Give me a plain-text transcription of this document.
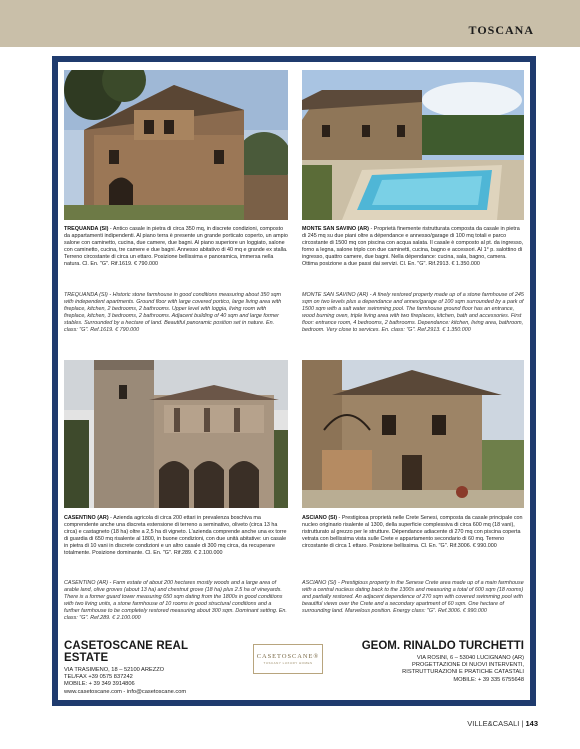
TOSCANA
TREQUANDA (SI) - Antico casale in pietra di circa 350 mq, in discrete condizioni, composto da appartamenti indipendenti. Al piano terra è presente un grande porticato coperto, un ampio salone con caminetto, cucina, due camere, due bagni. Al piano superiore un loggiato, salone con caminetto, cucina, tre camere e due bagni. Annesso abitativo di 40 mq e grande ex stalla. Terreno circostante di circa un ettaro. Posizione bellissima e panoramica, immersa nella natura. Cl. En. "G". Rif.1619. € 790.000
TREQUANDA (SI) - Historic stone farmhouse in good conditions measuring about 350 sqm with independent apartments. Ground floor with large covered portico, large living area with fireplace, kitchen, 2 bedrooms, 2 bathrooms. Upper level with loggia, living room with fireplace, kitchen, 3 bedrooms, 2 bathrooms. Adjacent building of 40 sqm and large former stables. Surrounded by a hectare of land. Beautiful panoramic position set in nature. En. class: "G". Ref.1619. € 790.000
MONTE SAN SAVINO (AR) - Proprietà finemente ristrutturata composta da casale in pietra di 245 mq su due piani oltre a dépendance e annesso/garage di 100 mq totali e parco circostante di 1500 mq con piscina con acqua salata. Il casale è composto al pt. da ingresso, forno a legna, salone triplo con due caminetti, cucina, bagno e accessori. Al 1° p. salottino di ingresso, quattro camere, due bagni. Nella dépendance: cucina, sala, bagno, camera. Ottima posizione a due passi dai servizi. Cl. En. "G". Rif.2913. € 1.350.000
MONTE SAN SAVINO (AR) - A finely restored property made up of a stone farmhouse of 245 sqm on two levels plus a dependance and annex/garage of 100 sqm surrounded by a park of 1500 sqm with a salt water swimming pool. The farmhouse ground floor has an entrance, wood burning oven, triple living area with two fireplaces, kitchen, bath and accessories. First floor: entrance room, 4 bedrooms, 2 bathrooms. Dependance: kitchen, living area, bathroom, bedroom. Very close to services. En. class: "G". Ref.2913. € 1.350.000
CASENTINO (AR) - Azienda agricola di circa 200 ettari in prevalenza boschiva ma comprendente anche una discreta estensione di terreno a seminativo, oliveto (circa 13 ha circa) e castagneto (18 ha) oltre a 2,5 ha di vigneto. L'azienda comprende anche una ex torre di guardia di 650 mq risalente al 1800, in buone condizioni, con due unità abitative: un casale in pietra di 10 vani in discrete condizioni e un altro casale di 300 mq circa, da recuperare totalmente. Posizione dominante. Cl. En. "G". Rif.289. € 2.100.000
CASENTINO (AR) - Farm estate of about 200 hectares mostly woods and a large area of arable land, olive groves (about 13 ha) and chestnut grove (18 ha) plus 2.5 ha of vineyards. There is a former guard tower measuring 650 sqm dating from the 1800s in good conditions with two living units, a stone farmhouse of 10 rooms in good structural conditions and a further farmhouse to be completely restored measuring about 300 sqm. Dominant setting. En. class: "G". Ref.289. € 2.100.000
ASCIANO (SI) - Prestigiosa proprietà nelle Crete Senesi, composta da casale principale con nucleo originario risalente al 1300, della superficie complessiva di circa 600 mq (18 vani), ristrutturato al grezzo per le strutture. Dépendance adiacente di 270 mq con piscina coperta vetrata con bellissima vista sulle Crete e appartamento secondario di 60 mq. Terreno circostante di circa 1 ettaro. Posizione bellissima. Cl. En. "G". Rif.3006. € 990.000
ASCIANO (SI) - Prestigious property in the Senese Crete area made up of a main farmhouse with a central nucleus dating back to the 1300s and measuring a total of 600 sqm (18 rooms) and partially restored. An adjacent dependence of 270 sqm with covered swimming pool with beautiful views over the Crete and a secondary apartment of 60 sqm. One hectare of surrounding land. Marvelous position. Energy class: "G". Ref.3006. € 990.000
CASETOSCANE REAL ESTATE
VIA TRASIMENO, 18 – 52100 AREZZO
TEL/FAX +39 0575 837242
MOBILE: + 39 349 3914806
www.casetoscane.com - info@casetoscane.com
CASETOSCANE®
TUSCANY LUXURY HOMES
GEOM. RINALDO TURCHETTI
VIA ROSINI, 6 – 53040 LUCIGNANO (AR)
PROGETTAZIONE DI NUOVI INTERVENTI,
RISTRUTTURAZIONI E PRATICHE CATASTALI
MOBILE: + 39 335 6755648
VILLE&CASALI | 143
